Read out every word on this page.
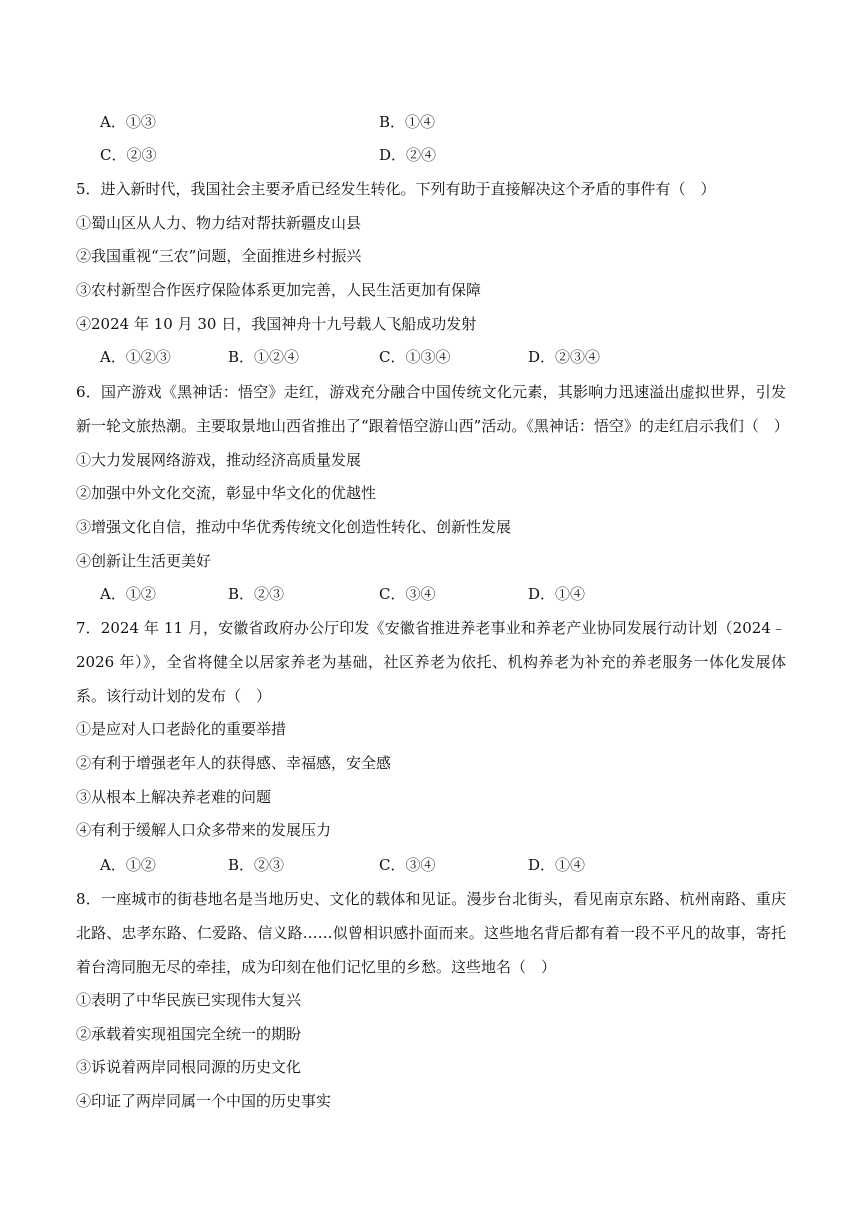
A．①③	B．①④
C．②③	D．②④
5．进入新时代，我国社会主要矛盾已经发生转化。下列有助于直接解决这个矛盾的事件有（　）
①蜀山区从人力、物力结对帮扶新疆皮山县
②我国重视“三农”问题，全面推进乡村振兴
③农村新型合作医疗保险体系更加完善，人民生活更加有保障
④2024 年 10 月 30 日，我国神舟十九号载人飞船成功发射
A．①②③	B．①②④	C．①③④	D．②③④
6．国产游戏《黑神话：悟空》走红，游戏充分融合中国传统文化元素，其影响力迅速溢出虚拟世界，引发新一轮文旅热潮。主要取景地山西省推出了“跟着悟空游山西”活动。《黑神话：悟空》的走红启示我们（　）
①大力发展网络游戏，推动经济高质量发展
②加强中外文化交流，彰显中华文化的优越性
③增强文化自信，推动中华优秀传统文化创造性转化、创新性发展
④创新让生活更美好
A．①②	B．②③	C．③④	D．①④
7．2024 年 11 月，安徽省政府办公厅印发《安徽省推进养老事业和养老产业协同发展行动计划（2024﹣2026 年）》，全省将健全以居家养老为基础，社区养老为依托、机构养老为补充的养老服务一体化发展体系。该行动计划的发布（　）
①是应对人口老龄化的重要举措
②有利于增强老年人的获得感、幸福感，安全感
③从根本上解决养老难的问题
④有利于缓解人口众多带来的发展压力
A．①②	B．②③	C．③④	D．①④
8．一座城市的街巷地名是当地历史、文化的载体和见证。漫步台北街头，看见南京东路、杭州南路、重庆北路、忠孝东路、仁爱路、信义路……似曾相识感扑面而来。这些地名背后都有着一段不平凡的故事，寄托着台湾同胞无尽的牵挂，成为印刻在他们记忆里的乡愁。这些地名（　）
①表明了中华民族已实现伟大复兴
②承载着实现祖国完全统一的期盼
③诉说着两岸同根同源的历史文化
④印证了两岸同属一个中国的历史事实
